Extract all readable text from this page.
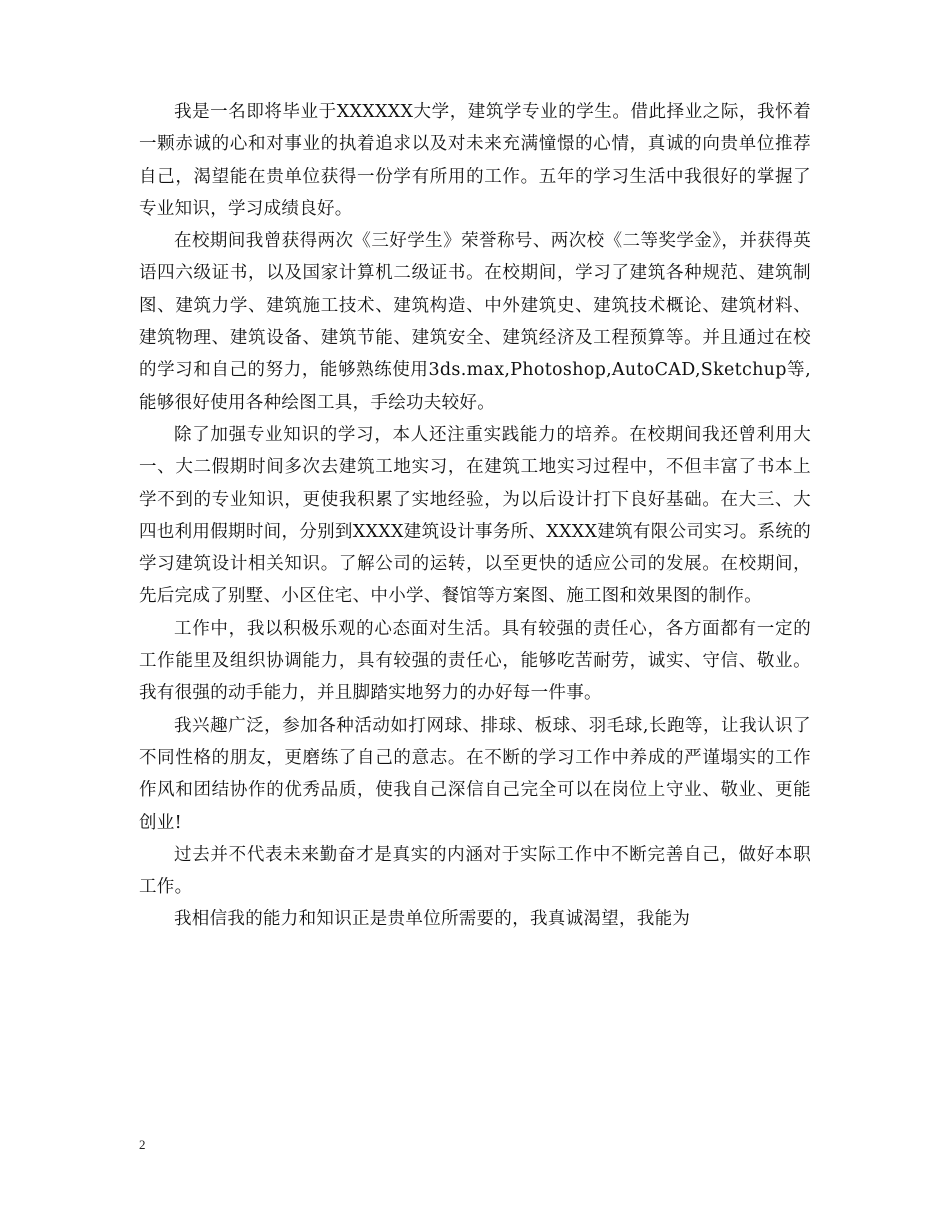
我是一名即将毕业于XXXXXX大学，建筑学专业的学生。借此择业之际，我怀着一颗赤诚的心和对事业的执着追求以及对未来充满憧憬的心情，真诚的向贵单位推荐自己，渴望能在贵单位获得一份学有所用的工作。五年的学习生活中我很好的掌握了专业知识，学习成绩良好。

在校期间我曾获得两次《三好学生》荣誉称号、两次校《二等奖学金》，并获得英语四六级证书，以及国家计算机二级证书。在校期间，学习了建筑各种规范、建筑制图、建筑力学、建筑施工技术、建筑构造、中外建筑史、建筑技术概论、建筑材料、建筑物理、建筑设备、建筑节能、建筑安全、建筑经济及工程预算等。并且通过在校的学习和自己的努力，能够熟练使用3ds.max,Photoshop,AutoCAD,Sketchup等,能够很好使用各种绘图工具，手绘功夫较好。

除了加强专业知识的学习，本人还注重实践能力的培养。在校期间我还曾利用大一、大二假期时间多次去建筑工地实习，在建筑工地实习过程中，不但丰富了书本上学不到的专业知识，更使我积累了实地经验，为以后设计打下良好基础。在大三、大四也利用假期时间，分别到XXXX建筑设计事务所、XXXX建筑有限公司实习。系统的学习建筑设计相关知识。了解公司的运转，以至更快的适应公司的发展。在校期间，先后完成了别墅、小区住宅、中小学、餐馆等方案图、施工图和效果图的制作。

工作中，我以积极乐观的心态面对生活。具有较强的责任心，各方面都有一定的工作能里及组织协调能力，具有较强的责任心，能够吃苦耐劳，诚实、守信、敬业。我有很强的动手能力，并且脚踏实地努力的办好每一件事。

我兴趣广泛，参加各种活动如打网球、排球、板球、羽毛球,长跑等，让我认识了不同性格的朋友，更磨练了自己的意志。在不断的学习工作中养成的严谨塌实的工作作风和团结协作的优秀品质，使我自己深信自己完全可以在岗位上守业、敬业、更能创业!

过去并不代表未来勤奋才是真实的内涵对于实际工作中不断完善自己，做好本职工作。

我相信我的能力和知识正是贵单位所需要的，我真诚渴望，我能为

2
